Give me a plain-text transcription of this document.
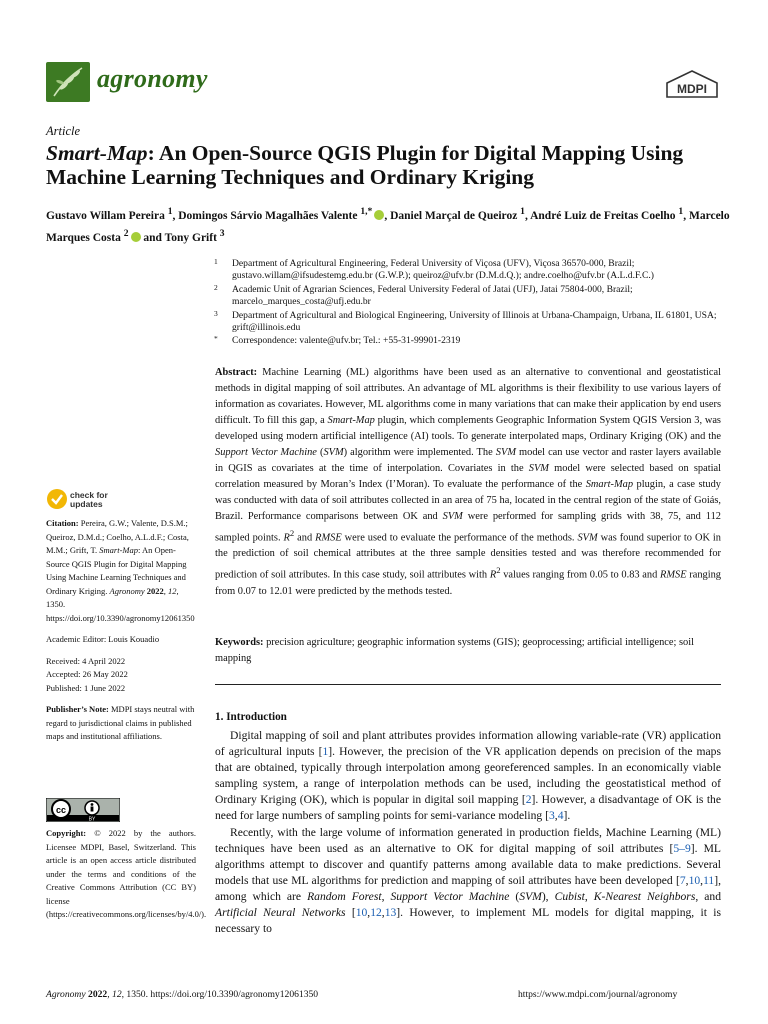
agronomy	MDPI
Article
Smart-Map: An Open-Source QGIS Plugin for Digital Mapping Using Machine Learning Techniques and Ordinary Kriging
Gustavo Willam Pereira $^1$, Domingos Sárvio Magalhães Valente $^{1,*}$ , Daniel Marçal de Queiroz $^1$, André Luiz de Freitas Coelho $^1$, Marcelo Marques Costa $^2$ and Tony Grift $^3$
1 Department of Agricultural Engineering, Federal University of Viçosa (UFV), Viçosa 36570-000, Brazil; gustavo.willam@ifsudestemg.edu.br (G.W.P.); queiroz@ufv.br (D.M.d.Q.); andre.coelho@ufv.br (A.L.d.F.C.)
2 Academic Unit of Agrarian Sciences, Federal University Federal of Jatai (UFJ), Jatai 75804-000, Brazil; marcelo_marques_costa@ufj.edu.br
3 Department of Agricultural and Biological Engineering, University of Illinois at Urbana-Champaign, Urbana, IL 61801, USA; grift@illinois.edu
* Correspondence: valente@ufv.br; Tel.: +55-31-99901-2319
Abstract: Machine Learning (ML) algorithms have been used as an alternative to conventional and geostatistical methods in digital mapping of soil attributes. An advantage of ML algorithms is their flexibility to use various layers of information as covariates. However, ML algorithms come in many variations that can make their application by end users difficult. To fill this gap, a Smart-Map plugin, which complements Geographic Information System QGIS Version 3, was developed using modern artificial intelligence (AI) tools. To generate interpolated maps, Ordinary Kriging (OK) and the Support Vector Machine (SVM) algorithm were implemented. The SVM model can use vector and raster layers available in QGIS as covariates at the time of interpolation. Covariates in the SVM model were selected based on spatial correlation measured by Moran’s Index (I’Moran). To evaluate the performance of the Smart-Map plugin, a case study was conducted with data of soil attributes collected in an area of 75 ha, located in the central region of the state of Goiás, Brazil. Performance comparisons between OK and SVM were performed for sampling grids with 38, 75, and 112 sampled points. $R^2$ and RMSE were used to evaluate the performance of the methods. SVM was found superior to OK in the prediction of soil chemical attributes at the three sample densities tested and was therefore recommended for prediction of soil attributes. In this case study, soil attributes with $R^2$ values ranging from 0.05 to 0.83 and RMSE ranging from 0.07 to 12.01 were predicted by the methods tested.
Keywords: precision agriculture; geographic information systems (GIS); geoprocessing; artificial intelligence; soil mapping
1. Introduction

Digital mapping of soil and plant attributes provides information allowing variable-rate (VR) application of agricultural inputs [1]. However, the precision of the VR application depends on precision of the maps that are obtained, typically through interpolation among georeferenced samples. In an economically viable sampling system, a range of interpolation methods can be used, including the geostatistical method of Ordinary Kriging (OK), which is popular in digital soil mapping [2]. However, a disadvantage of OK is the need for large numbers of sampling points for semi-variance modeling [3,4].

Recently, with the large volume of information generated in production fields, Machine Learning (ML) techniques have been used as an alternative to OK for digital mapping of soil attributes [5–9]. ML algorithms attempt to discover and quantify patterns among available data to make predictions. Several models that use ML algorithms for prediction and mapping of soil attributes have been developed [7,10,11], among which are Random Forest, Support Vector Machine (SVM), Cubist, K-Nearest Neighbors, and Artificial Neural Networks [10,12,13]. However, to implement ML models for digital mapping, it is necessary to

check for
updates

Citation: Pereira, G.W.; Valente, D.S.M.; Queiroz, D.M.d.; Coelho, A.L.d.F.; Costa, M.M.; Grift, T. Smart-Map: An Open-Source QGIS Plugin for Digital Mapping Using Machine Learning Techniques and Ordinary Kriging. Agronomy 2022, 12, 1350. https://doi.org/10.3390/agronomy12061350

Academic Editor: Louis Kouadio

Received: 4 April 2022

Accepted: 26 May 2022

Published: 1 June 2022

Publisher’s Note: MDPI stays neutral with regard to jurisdictional claims in published maps and institutional affiliations.

cc
BY
Copyright: © 2022 by the authors. Licensee MDPI, Basel, Switzerland. This article is an open access article distributed under the terms and conditions of the Creative Commons Attribution (CC BY) license (https://creativecommons.org/licenses/by/4.0/).
Agronomy 2022, 12, 1350. https://doi.org/10.3390/agronomy12061350	https://www.mdpi.com/journal/agronomy
